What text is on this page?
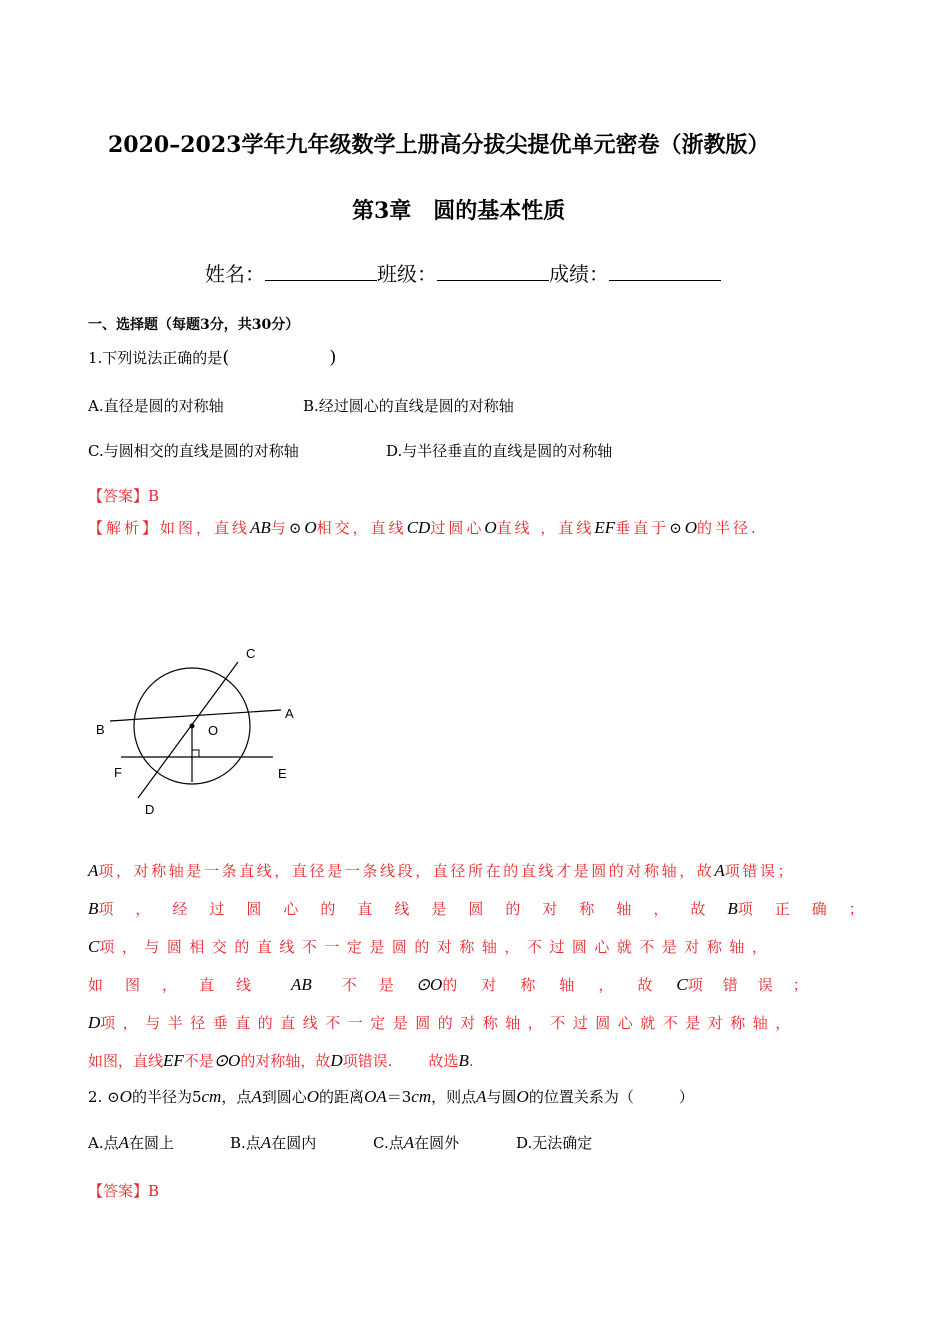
2020–2023学年九年级数学上册高分拔尖提优单元密卷（浙教版）
第3章　圆的基本性质
姓名：	班级：	成绩：
一、选择题（每题3分，共30分）
1.下列说法正确的是(	)
A.直径是圆的对称轴	B.经过圆心的直线是圆的对称轴
C.与圆相交的直线是圆的对称轴	D.与半径垂直的直线是圆的对称轴
【答案】B
【解析】如图，直线AB与⊙O相交，直线CD过圆心O直线 ，直线EF垂直于⊙O的半径.
C
A
B	O
F	E
D
A项，对称轴是一条直线，直径是一条线段，直径所在的直线才是圆的对称轴，故A项错误；
B项，经过圆心的直线是圆的对称轴，故B项正确；
C项，与圆相交的直线不一定是圆的对称轴，不过圆心就不是对称轴，
如图，直线 AB 不是⊙O的对称轴，故C项错误；
D项，与半径垂直的直线不一定是圆的对称轴，不过圆心就不是对称轴，
如图，直线EF不是⊙O的对称轴，故D项错误. 故选B.
2. ⊙O的半径为5cm，点A到圆心O的距离OA＝3cm，则点A与圆O的位置关系为（　　　）
A.点A在圆上	B.点A在圆内	C.点A在圆外	D.无法确定
【答案】B
